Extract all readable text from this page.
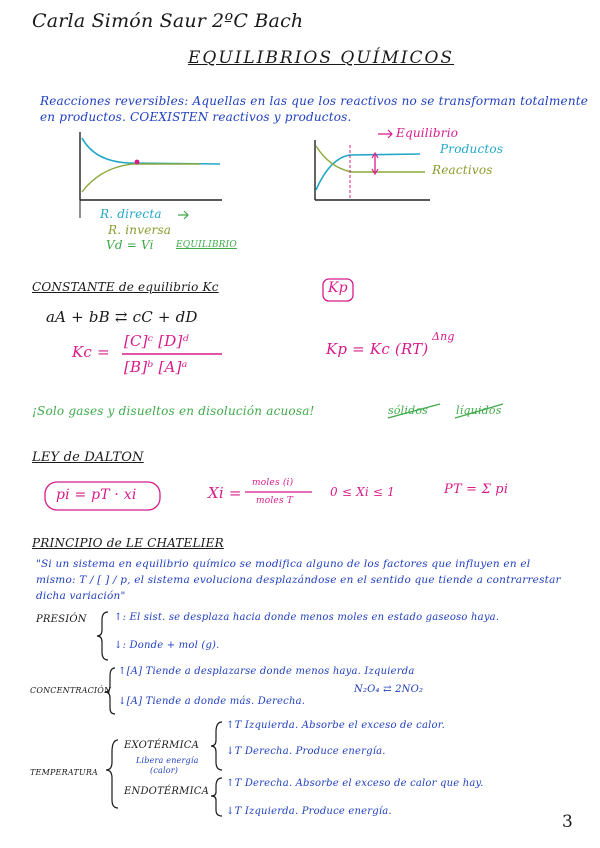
Carla Simón Saur 2ºC Bach
EQUILIBRIOS QUÍMICOS
Reacciones reversibles: Aquellas en las que los reactivos no se transforman totalmente
en productos. COEXISTEN reactivos y productos.
Equilibrio
Productos
Reactivos
R. directa
R. inversa
Vd = Vi EQUILIBRIO
CONSTANTE de equilibrio Kc	Kp
aA + bB ⇄ cC + dD
Kc =
[C]ᶜ [D]ᵈ
[B]ᵇ [A]ᵃ
Kp = Kc (RT)
Δng
¡Solo gases y disueltos en disolución acuosa!	sólidos	líquidos
LEY de DALTON
pi = pT · xi	Xi =
moles (i)
moles T
0 ≤ Xi ≤ 1	PT = Σ pi
PRINCIPIO de LE CHATELIER
"Si un sistema en equilibrio químico se modifica alguno de los factores que influyen en el
mismo: T / [ ] / p, el sistema evoluciona desplazándose en el sentido que tiende a contrarrestar
dicha variación"
PRESIÓN	↑: El sist. se desplaza hacia donde menos moles en estado gaseoso haya.
↓: Donde + mol (g).
CONCENTRACIÓN
↑[A] Tiende a desplazarse donde menos haya. Izquierda
N₂O₄ ⇄ 2NO₂
↓[A] Tiende a donde más. Derecha.
TEMPERATURA
EXOTÉRMICA
Libera energía
(calor)
↑T Izquierda. Absorbe el exceso de calor.
↓T Derecha. Produce energía.
ENDOTÉRMICA
↑T Derecha. Absorbe el exceso de calor que hay.
↓T Izquierda. Produce energía.
3
